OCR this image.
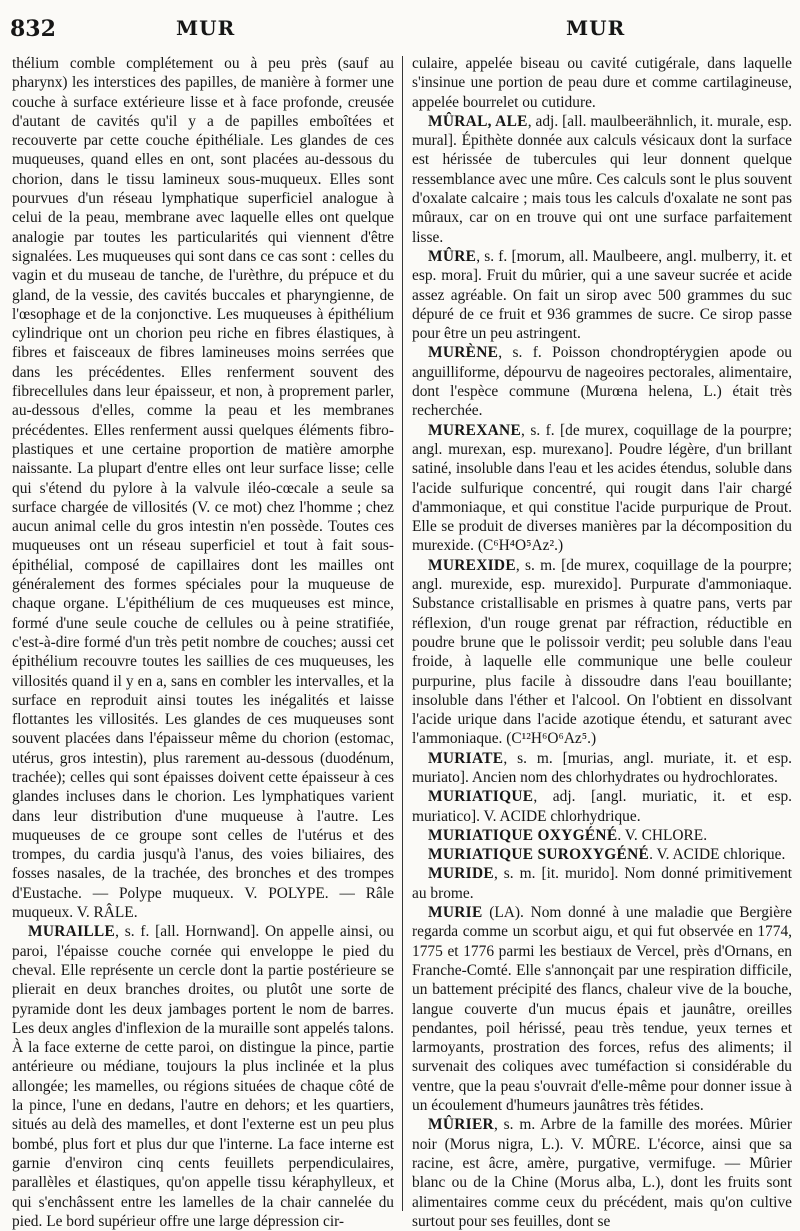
832	MUR	MUR

thélium comble complétement ou à peu près (sauf au pharynx) les interstices des papilles, de manière à former une couche à surface extérieure lisse et à face profonde, creusée d'autant de cavités qu'il y a de papilles emboîtées et recouverte par cette couche épithéliale. Les glandes de ces muqueuses, quand elles en ont, sont placées au-dessous du chorion, dans le tissu lamineux sous-muqueux. Elles sont pourvues d'un réseau lymphatique superficiel analogue à celui de la peau, membrane avec laquelle elles ont quelque analogie par toutes les particularités qui viennent d'être signalées. Les muqueuses qui sont dans ce cas sont : celles du vagin et du museau de tanche, de l'urèthre, du prépuce et du gland, de la vessie, des cavités buccales et pharyngienne, de l'œsophage et de la conjonctive. Les muqueuses à épithélium cylindrique ont un chorion peu riche en fibres élastiques, à fibres et faisceaux de fibres lamineuses moins serrées que dans les précédentes. Elles renferment souvent des fibrecellules dans leur épaisseur, et non, à proprement parler, au-dessous d'elles, comme la peau et les membranes précédentes. Elles renferment aussi quelques éléments fibro-plastiques et une certaine proportion de matière amorphe naissante. La plupart d'entre elles ont leur surface lisse; celle qui s'étend du pylore à la valvule iléo-cœcale a seule sa surface chargée de villosités (V. ce mot) chez l'homme ; chez aucun animal celle du gros intestin n'en possède. Toutes ces muqueuses ont un réseau superficiel et tout à fait sous-épithélial, composé de capillaires dont les mailles ont généralement des formes spéciales pour la muqueuse de chaque organe. L'épithélium de ces muqueuses est mince, formé d'une seule couche de cellules ou à peine stratifiée, c'est-à-dire formé d'un très petit nombre de couches; aussi cet épithélium recouvre toutes les saillies de ces muqueuses, les villosités quand il y en a, sans en combler les intervalles, et la surface en reproduit ainsi toutes les inégalités et laisse flottantes les villosités. Les glandes de ces muqueuses sont souvent placées dans l'épaisseur même du chorion (estomac, utérus, gros intestin), plus rarement au-dessous (duodénum, trachée); celles qui sont épaisses doivent cette épaisseur à ces glandes incluses dans le chorion. Les lymphatiques varient dans leur distribution d'une muqueuse à l'autre. Les muqueuses de ce groupe sont celles de l'utérus et des trompes, du cardia jusqu'à l'anus, des voies biliaires, des fosses nasales, de la trachée, des bronches et des trompes d'Eustache. — Polype muqueux. V. POLYPE. — Râle muqueux. V. RÂLE.

MURAILLE, s. f. [all. Hornwand]. On appelle ainsi, ou paroi, l'épaisse couche cornée qui enveloppe le pied du cheval. Elle représente un cercle dont la partie postérieure se plierait en deux branches droites, ou plutôt une sorte de pyramide dont les deux jambages portent le nom de barres. Les deux angles d'inflexion de la muraille sont appelés talons. À la face externe de cette paroi, on distingue la pince, partie antérieure ou médiane, toujours la plus inclinée et la plus allongée; les mamelles, ou régions situées de chaque côté de la pince, l'une en dedans, l'autre en dehors; et les quartiers, situés au delà des mamelles, et dont l'externe est un peu plus bombé, plus fort et plus dur que l'interne. La face interne est garnie d'environ cinq cents feuillets perpendiculaires, parallèles et élastiques, qu'on appelle tissu kéraphylleux, et qui s'enchâssent entre les lamelles de la chair cannelée du pied. Le bord supérieur offre une large dépression cir-

culaire, appelée biseau ou cavité cutigérale, dans laquelle s'insinue une portion de peau dure et comme cartilagineuse, appelée bourrelet ou cutidure.

MÛRAL, ALE, adj. [all. maulbeerähnlich, it. murale, esp. mural]. Épithète donnée aux calculs vésicaux dont la surface est hérissée de tubercules qui leur donnent quelque ressemblance avec une mûre. Ces calculs sont le plus souvent d'oxalate calcaire ; mais tous les calculs d'oxalate ne sont pas mûraux, car on en trouve qui ont une surface parfaitement lisse.

MÛRE, s. f. [morum, all. Maulbeere, angl. mulberry, it. et esp. mora]. Fruit du mûrier, qui a une saveur sucrée et acide assez agréable. On fait un sirop avec 500 grammes du suc dépuré de ce fruit et 936 grammes de sucre. Ce sirop passe pour être un peu astringent.

MURÈNE, s. f. Poisson chondroptérygien apode ou anguilliforme, dépourvu de nageoires pectorales, alimentaire, dont l'espèce commune (Murœna helena, L.) était très recherchée.

MUREXANE, s. f. [de murex, coquillage de la pourpre; angl. murexan, esp. murexano]. Poudre légère, d'un brillant satiné, insoluble dans l'eau et les acides étendus, soluble dans l'acide sulfurique concentré, qui rougit dans l'air chargé d'ammoniaque, et qui constitue l'acide purpurique de Prout. Elle se produit de diverses manières par la décomposition du murexide. (C⁶H⁴O⁵Az².)

MUREXIDE, s. m. [de murex, coquillage de la pourpre; angl. murexide, esp. murexido]. Purpurate d'ammoniaque. Substance cristallisable en prismes à quatre pans, verts par réflexion, d'un rouge grenat par réfraction, réductible en poudre brune que le polissoir verdit; peu soluble dans l'eau froide, à laquelle elle communique une belle couleur purpurine, plus facile à dissoudre dans l'eau bouillante; insoluble dans l'éther et l'alcool. On l'obtient en dissolvant l'acide urique dans l'acide azotique étendu, et saturant avec l'ammoniaque. (C¹²H⁶O⁶Az⁵.)

MURIATE, s. m. [murias, angl. muriate, it. et esp. muriato]. Ancien nom des chlorhydrates ou hydrochlorates.

MURIATIQUE, adj. [angl. muriatic, it. et esp. muriatico]. V. ACIDE chlorhydrique.

MURIATIQUE OXYGÉNÉ. V. CHLORE.

MURIATIQUE SUROXYGÉNÉ. V. ACIDE chlorique.

MURIDE, s. m. [it. murido]. Nom donné primitivement au brome.

MURIE (LA). Nom donné à une maladie que Bergière regarda comme un scorbut aigu, et qui fut observée en 1774, 1775 et 1776 parmi les bestiaux de Vercel, près d'Ornans, en Franche-Comté. Elle s'annonçait par une respiration difficile, un battement précipité des flancs, chaleur vive de la bouche, langue couverte d'un mucus épais et jaunâtre, oreilles pendantes, poil hérissé, peau très tendue, yeux ternes et larmoyants, prostration des forces, refus des aliments; il survenait des coliques avec tuméfaction si considérable du ventre, que la peau s'ouvrait d'elle-même pour donner issue à un écoulement d'humeurs jaunâtres très fétides.

MÛRIER, s. m. Arbre de la famille des morées. Mûrier noir (Morus nigra, L.). V. MÛRE. L'écorce, ainsi que sa racine, est âcre, amère, purgative, vermifuge. — Mûrier blanc ou de la Chine (Morus alba, L.), dont les fruits sont alimentaires comme ceux du précédent, mais qu'on cultive surtout pour ses feuilles, dont se
